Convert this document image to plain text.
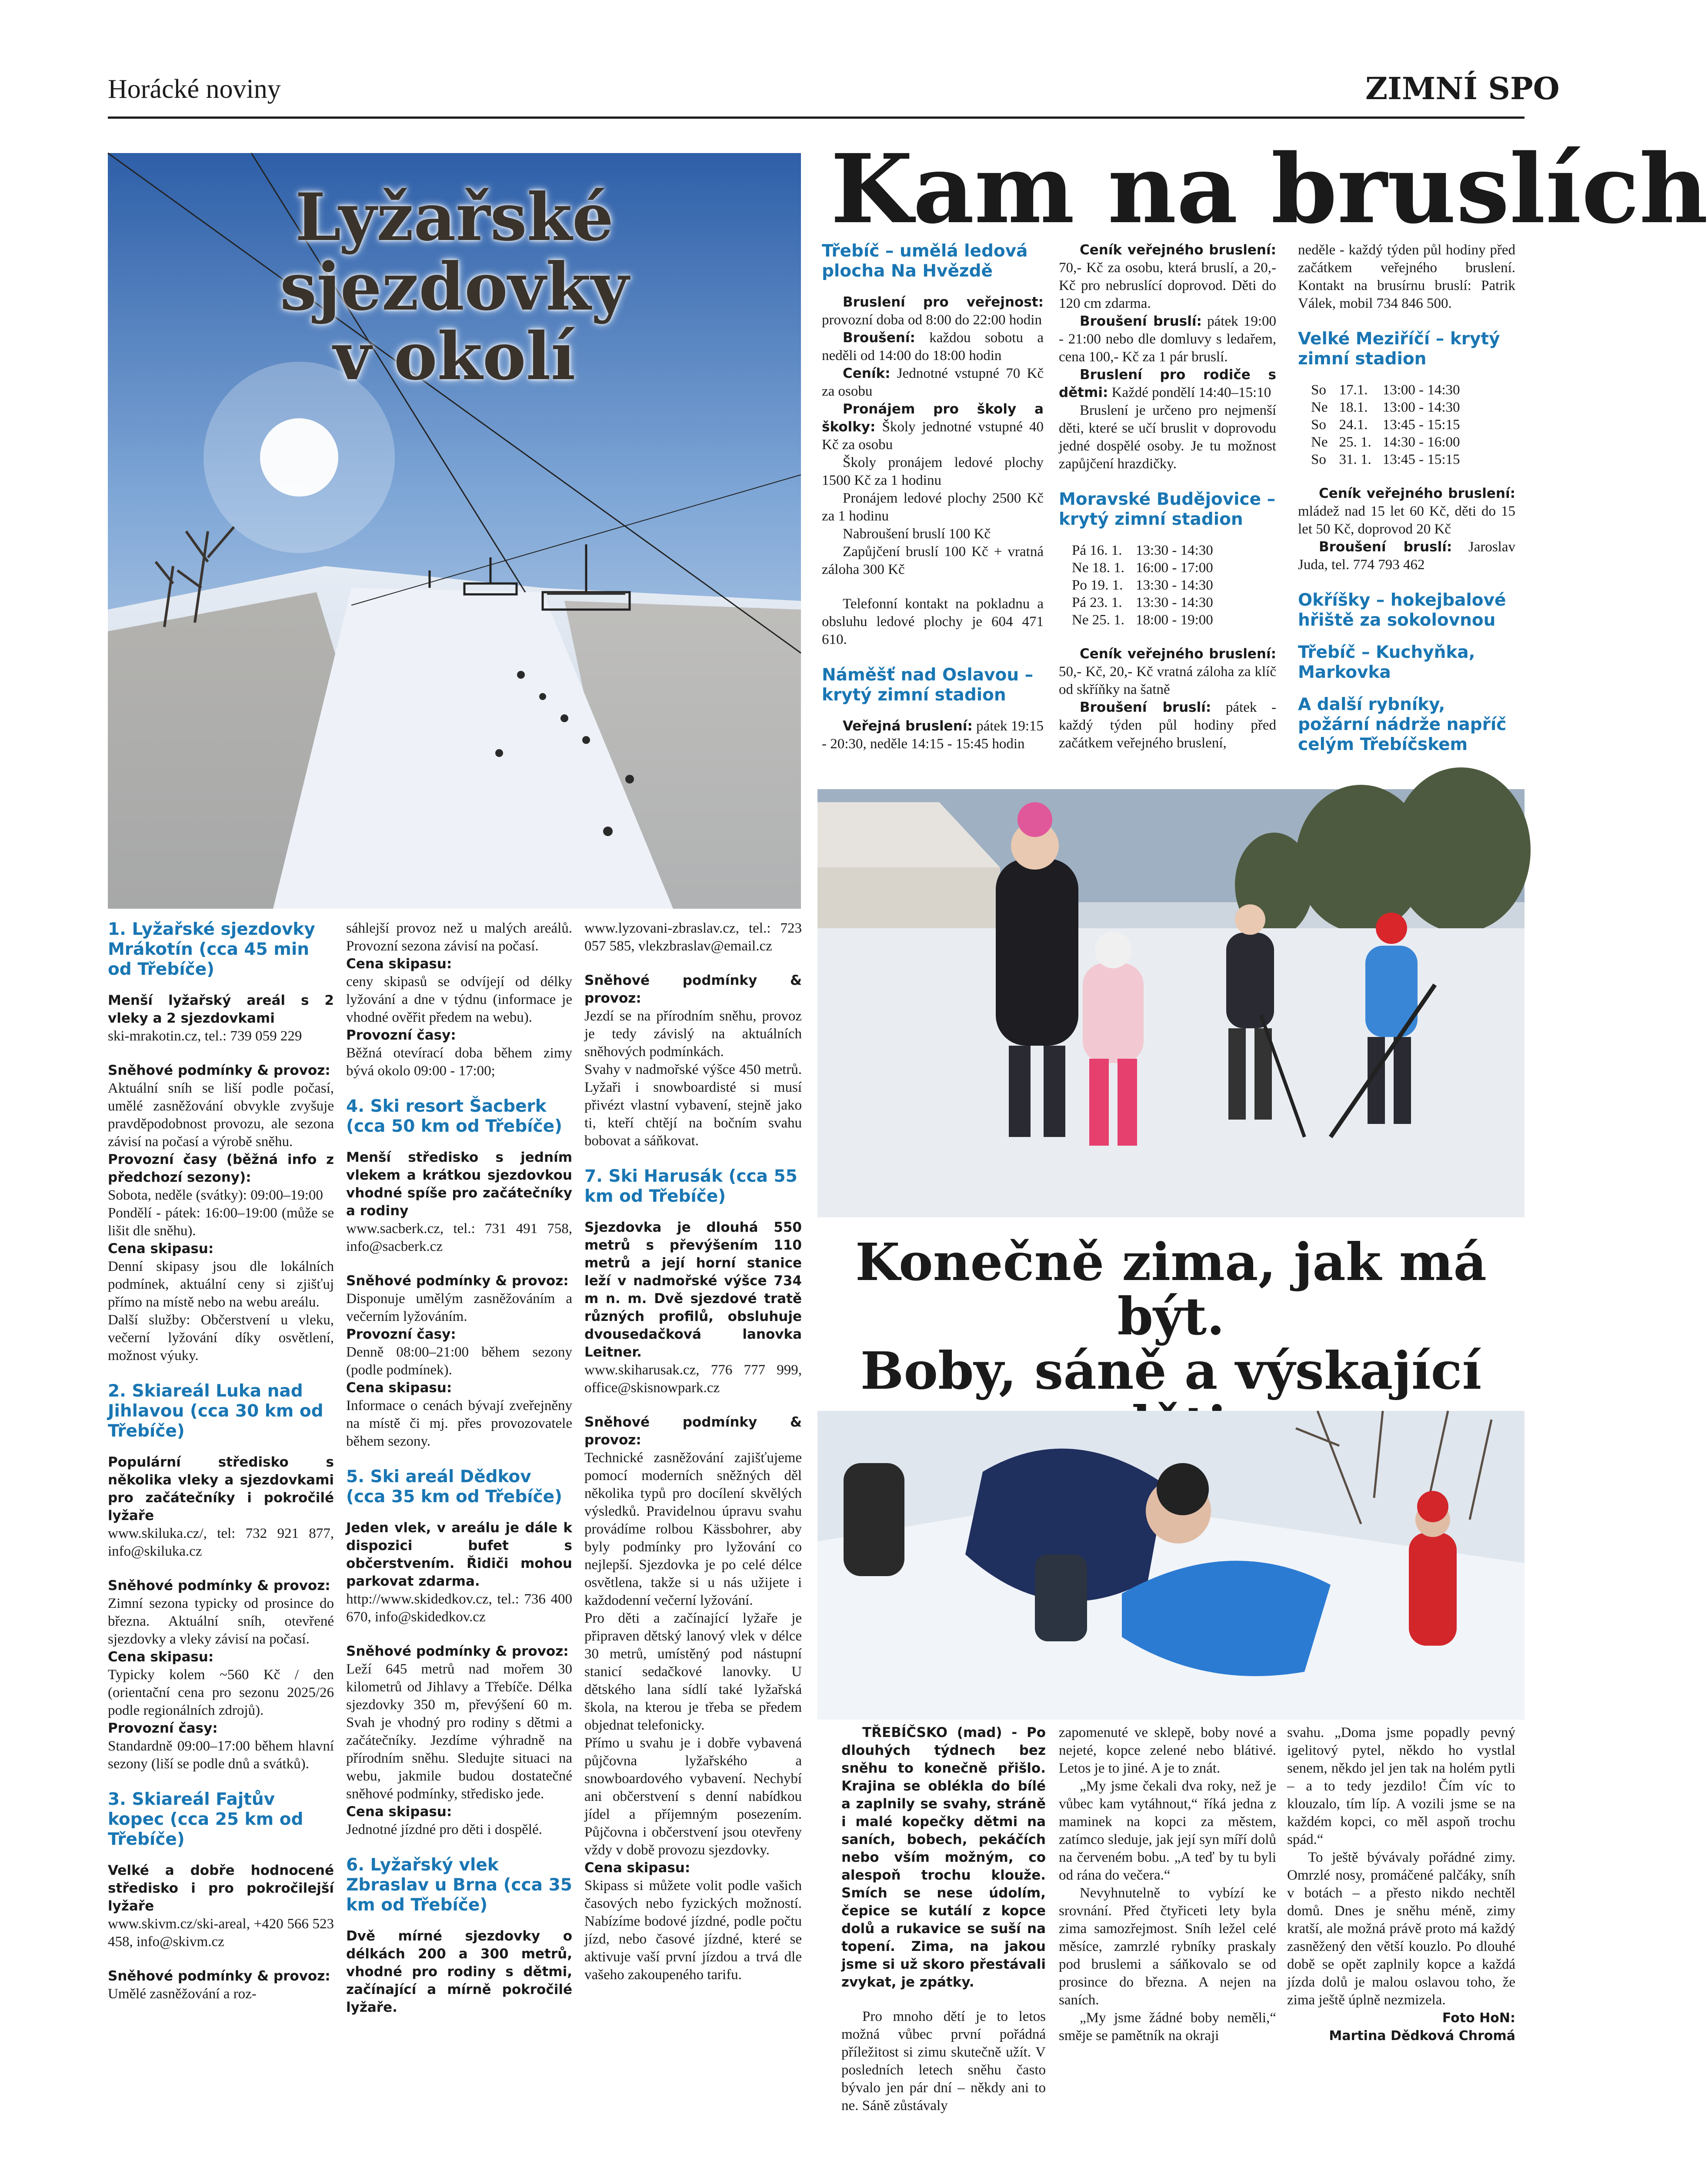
Horácké noviny	ZIMNÍ SPO
Lyžařské
sjezdovky
v okolí

1. Lyžařské sjezdovky Mrákotín (cca 45 min od Třebíče)

Menší lyžařský areál s 2 vleky a 2 sjezdovkami

ski-mrakotin.cz, tel.: 739 059 229

Sněhové podmínky & provoz:

Aktuální sníh se liší podle počasí, umělé zasněžování obvykle zvyšuje pravděpodobnost provozu, ale sezona závisí na počasí a výrobě sněhu.

Provozní časy (běžná info z předchozí sezony):

Sobota, neděle (svátky): 09:00–19:00

Pondělí - pátek: 16:00–19:00 (může se lišit dle sněhu).

Cena skipasu:

Denní skipasy jsou dle lokálních podmínek, aktuální ceny si zjišťuj přímo na místě nebo na webu areálu.

Další služby: Občerstvení u vleku, večerní lyžování díky osvětlení, možnost výuky.

2. Skiareál Luka nad Jihlavou (cca 30 km od Třebíče)

Populární středisko s několika vleky a sjezdovkami pro začátečníky i pokročilé lyžaře

www.skiluka.cz/, tel: 732 921 877, info@skiluka.cz

Sněhové podmínky & provoz:

Zimní sezona typicky od prosince do března. Aktuální sníh, otevřené sjezdovky a vleky závisí na počasí.

Cena skipasu:

Typicky kolem ~560 Kč / den (orientační cena pro sezonu 2025/26 podle regionálních zdrojů).

Provozní časy:

Standardně 09:00–17:00 během hlavní sezony (liší se podle dnů a svátků).

3. Skiareál Fajtův kopec (cca 25 km od Třebíče)

Velké a dobře hodnocené středisko i pro pokročilejší lyžaře

www.skivm.cz/ski-areal, +420 566 523 458, info@skivm.cz

Sněhové podmínky & provoz:

Umělé zasněžování a roz-

sáhlejší provoz než u malých areálů. Provozní sezona závisí na počasí.

Cena skipasu:

ceny skipasů se odvíjejí od délky lyžování a dne v týdnu (informace je vhodné ověřit předem na webu).

Provozní časy:

Běžná otevírací doba během zimy bývá okolo 09:00 - 17:00;

4. Ski resort Šacberk (cca 50 km od Třebíče)

Menší středisko s jedním vlekem a krátkou sjezdovkou vhodné spíše pro začátečníky a rodiny

www.sacberk.cz, tel.: 731 491 758, info@sacberk.cz

Sněhové podmínky & provoz:

Disponuje umělým zasněžováním a večerním lyžováním.

Provozní časy:

Denně 08:00–21:00 během sezony (podle podmínek).

Cena skipasu:

Informace o cenách bývají zveřejněny na místě či mj. přes provozovatele během sezony.

5. Ski areál Dědkov (cca 35 km od Třebíče)

Jeden vlek, v areálu je dále k dispozici bufet s občerstvením. Řidiči mohou parkovat zdarma.

http://www.skidedkov.cz, tel.: 736 400 670, info@skidedkov.cz

Sněhové podmínky & provoz:

Leží 645 metrů nad mořem 30 kilometrů od Jihlavy a Třebíče. Délka sjezdovky 350 m, převýšení 60 m. Svah je vhodný pro rodiny s dětmi a začátečníky. Jezdíme výhradně na přírodním sněhu. Sledujte situaci na webu, jakmile budou dostatečné sněhové podmínky, středisko jede.

Cena skipasu:

Jednotné jízdné pro děti i dospělé.

6. Lyžařský vlek Zbraslav u Brna (cca 35 km od Třebíče)

Dvě mírné sjezdovky o délkách 200 a 300 metrů, vhodné pro rodiny s dětmi, začínající a mírně pokročilé lyžaře.

www.lyzovani-zbraslav.cz, tel.: 723 057 585, vlekzbraslav@email.cz

Sněhové podmínky & provoz:

Jezdí se na přírodním sněhu, provoz je tedy závislý na aktuálních sněhových podmínkách.

Svahy v nadmořské výšce 450 metrů. Lyžaři i snowboardisté si musí přivézt vlastní vybavení, stejně jako ti, kteří chtějí na bočním svahu bobovat a sáňkovat.

7. Ski Harusák (cca 55 km od Třebíče)

Sjezdovka je dlouhá 550 metrů s převýšením 110 metrů a její horní stanice leží v nadmořské výšce 734 m n. m. Dvě sjezdové tratě různých profilů, obsluhuje dvousedačková lanovka Leitner.

www.skiharusak.cz, 776 777 999, office@skisnowpark.cz

Sněhové podmínky & provoz:

Technické zasněžování zajišťujeme pomocí moderních sněžných děl několika typů pro docílení skvělých výsledků. Pravidelnou úpravu svahu provádíme rolbou Kässbohrer, aby byly podmínky pro lyžování co nejlepší. Sjezdovka je po celé délce osvětlena, takže si u nás užijete i každodenní večerní lyžování.

Pro děti a začínající lyžaře je připraven dětský lanový vlek v délce 30 metrů, umístěný pod nástupní stanicí sedačkové lanovky. U dětského lana sídlí také lyžařská škola, na kterou je třeba se předem objednat telefonicky.

Přímo u svahu je i dobře vybavená půjčovna lyžařského a snowboardového vybavení. Nechybí ani občerstvení s denní nabídkou jídel a příjemným posezením. Půjčovna i občerstvení jsou otevřeny vždy v době provozu sjezdovky.

Cena skipasu:

Skipass si můžete volit podle vašich časových nebo fyzických možností. Nabízíme bodové jízdné, podle počtu jízd, nebo časové jízdné, které se aktivuje vaší první jízdou a trvá dle vašeho zakoupeného tarifu.

Kam na bruslích

Třebíč – umělá ledová plocha Na Hvězdě

Bruslení pro veřejnost: provozní doba od 8:00 do 22:00 hodin

Broušení: každou sobotu a neděli od 14:00 do 18:00 hodin

Ceník: Jednotné vstupné 70 Kč za osobu

Pronájem pro školy a školky: Školy jednotné vstupné 40 Kč za osobu

Školy pronájem ledové plochy 1500 Kč za 1 hodinu

Pronájem ledové plochy 2500 Kč za 1 hodinu

Nabroušení bruslí 100 Kč

Zapůjčení bruslí 100 Kč + vratná záloha 300 Kč

Telefonní kontakt na pokladnu a obsluhu ledové plochy je 604 471 610.

Náměšť nad Oslavou – krytý zimní stadion

Veřejná bruslení: pátek 19:15 - 20:30, neděle 14:15 - 15:45 hodin

Ceník veřejného bruslení: 70,- Kč za osobu, která bruslí, a 20,- Kč pro nebruslící doprovod. Děti do 120 cm zdarma.

Broušení bruslí: pátek 19:00 - 21:00 nebo dle domluvy s ledařem, cena 100,- Kč za 1 pár bruslí.

Bruslení pro rodiče s dětmi: Každé pondělí 14:40–15:10

Bruslení je určeno pro nejmenší děti, které se učí bruslit v doprovodu jedné dospělé osoby. Je tu možnost zapůjčení hrazdičky.

Moravské Budějovice – krytý zimní stadion

Pá 16. 1.	13:30 - 14:30
Ne 18. 1.	16:00 - 17:00
Po 19. 1.	13:30 - 14:30
Pá 23. 1.	13:30 - 14:30
Ne 25. 1.	18:00 - 19:00

Ceník veřejného bruslení: 50,- Kč, 20,- Kč vratná záloha za klíč od skříňky na šatně

Broušení bruslí: pátek - každý týden půl hodiny před začátkem veřejného bruslení,

neděle - každý týden půl hodiny před začátkem veřejného bruslení. Kontakt na brusírnu bruslí: Patrik Válek, mobil 734 846 500.

Velké Meziříčí – krytý zimní stadion

So	17.1.	13:00 - 14:30
Ne	18.1.	13:00 - 14:30
So	24.1.	13:45 - 15:15
Ne	25. 1.	14:30 - 16:00
So	31. 1.	13:45 - 15:15

Ceník veřejného bruslení: mládež nad 15 let 60 Kč, děti do 15 let 50 Kč, doprovod 20 Kč

Broušení bruslí: Jaroslav Juda, tel. 774 793 462

Okříšky – hokejbalové hřiště za sokolovnou

Třebíč – Kuchyňka, Markovka

A další rybníky, požární nádrže napříč celým Třebíčskem

Konečně zima, jak má být.
Boby, sáně a výskající

TŘEBÍČSKO (mad) - Po dlouhých týdnech bez sněhu to konečně přišlo. Krajina se oblékla do bílé a zaplnily se svahy, stráně i malé kopečky dětmi na saních, bobech, pekáčích nebo vším možným, co alespoň trochu klouže. Smích se nese údolím, čepice se kutálí z kopce dolů a rukavice se suší na topení. Zima, na jakou jsme si už skoro přestávali zvykat, je zpátky.

Pro mnoho dětí je to letos možná vůbec první pořádná příležitost si zimu skutečně užít. V posledních letech sněhu často bývalo jen pár dní – někdy ani to ne. Sáně zůstávaly

zapomenuté ve sklepě, boby nové a nejeté, kopce zelené nebo blátivé. Letos je to jiné. A je to znát.

„My jsme čekali dva roky, než je vůbec kam vytáhnout,“ říká jedna z maminek na kopci za městem, zatímco sleduje, jak její syn míří dolů na červeném bobu. „A teď by tu byli od rána do večera.“

Nevyhnutelně to vybízí ke srovnání. Před čtyřiceti lety byla zima samozřejmost. Sníh ležel celé měsíce, zamrzlé rybníky praskaly pod bruslemi a sáňkovalo se od prosince do března. A nejen na saních.

„My jsme žádné boby neměli,“ směje se pamětník na okraji

svahu. „Doma jsme popadly pevný igelitový pytel, někdo ho vystlal senem, někdo jel jen tak na holém pytli – a to tedy jezdilo! Čím víc to klouzalo, tím líp. A vozili jsme se na každém kopci, co měl aspoň trochu spád.“

To ještě bývávaly pořádné zimy. Omrzlé nosy, promáčené palčáky, sníh v botách – a přesto nikdo nechtěl domů. Dnes je sněhu méně, zimy kratší, ale možná právě proto má každý zasněžený den větší kouzlo. Po dlouhé době se opět zaplnily kopce a každá jízda dolů je malou oslavou toho, že zima ještě úplně nezmizela.

Foto HoN:

Martina Dědková Chromá
